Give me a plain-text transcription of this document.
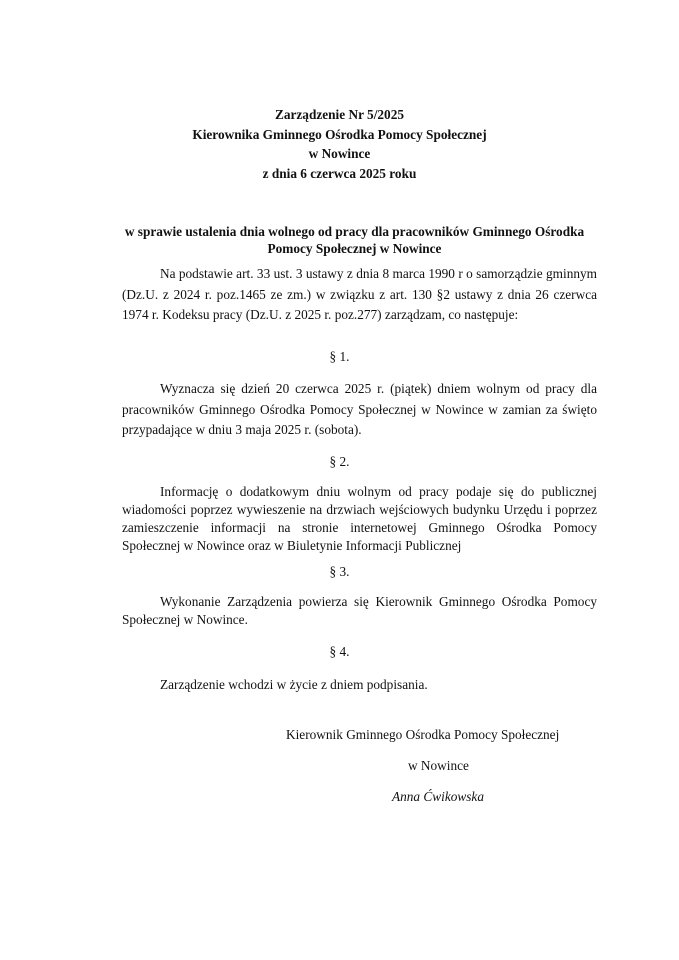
Zarządzenie Nr 5/2025
Kierownika Gminnego Ośrodka Pomocy Społecznej
w Nowince
z dnia 6 czerwca 2025 roku
w sprawie ustalenia dnia wolnego od pracy dla pracowników Gminnego Ośrodka Pomocy Społecznej w Nowince
Na podstawie art. 33 ust. 3 ustawy z dnia 8 marca 1990 r o samorządzie gminnym (Dz.U. z 2024 r. poz.1465 ze zm.) w związku z art. 130 §2 ustawy z dnia 26 czerwca 1974 r. Kodeksu pracy (Dz.U. z 2025 r. poz.277) zarządzam, co następuje:
§ 1.
Wyznacza się dzień 20 czerwca 2025 r. (piątek) dniem wolnym od pracy dla pracowników Gminnego Ośrodka Pomocy Społecznej w Nowince w zamian za święto przypadające w dniu 3 maja 2025 r. (sobota).
§ 2.
Informację o dodatkowym dniu wolnym od pracy podaje się do publicznej wiadomości poprzez wywieszenie na drzwiach wejściowych budynku Urzędu i poprzez zamieszczenie informacji na stronie internetowej Gminnego Ośrodka Pomocy Społecznej w Nowince oraz w Biuletynie Informacji Publicznej
§ 3.
Wykonanie Zarządzenia powierza się Kierownik Gminnego Ośrodka Pomocy Społecznej w Nowince.
§ 4.
Zarządzenie wchodzi w życie z dniem podpisania.
Kierownik Gminnego Ośrodka Pomocy Społecznej
w Nowince
Anna Ćwikowska
